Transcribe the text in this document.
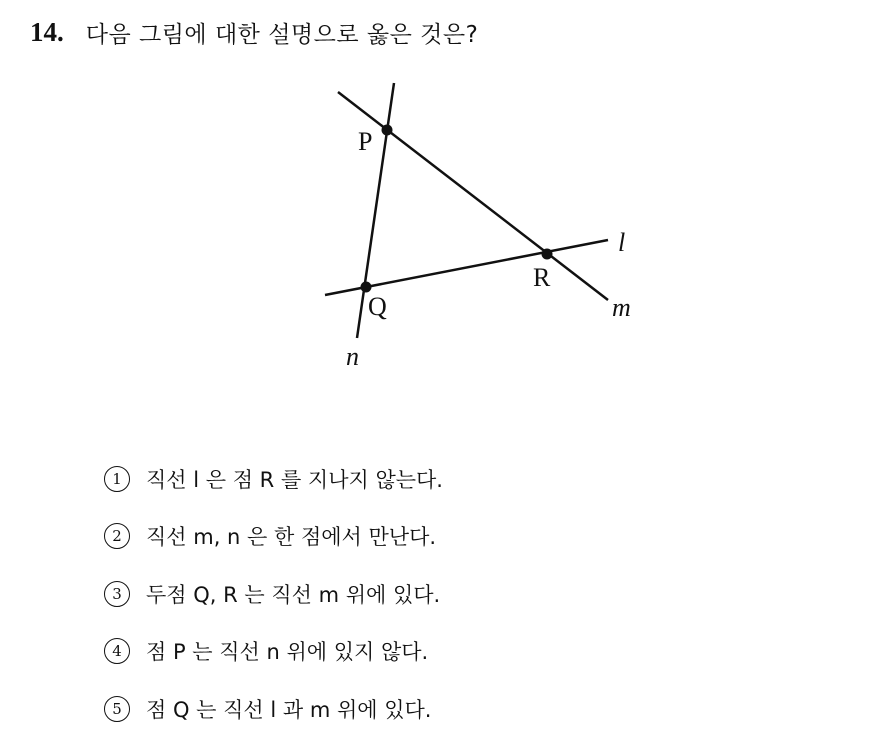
14. 다음 그림에 대한 설명으로 옳은 것은?
P
Q
R
l
m
n
1	직선 l 은 점 R 를 지나지 않는다.
2	직선 m, n 은 한 점에서 만난다.
3	두점 Q, R 는 직선 m 위에 있다.
4	점 P 는 직선 n 위에 있지 않다.
5	점 Q 는 직선 l 과 m 위에 있다.
